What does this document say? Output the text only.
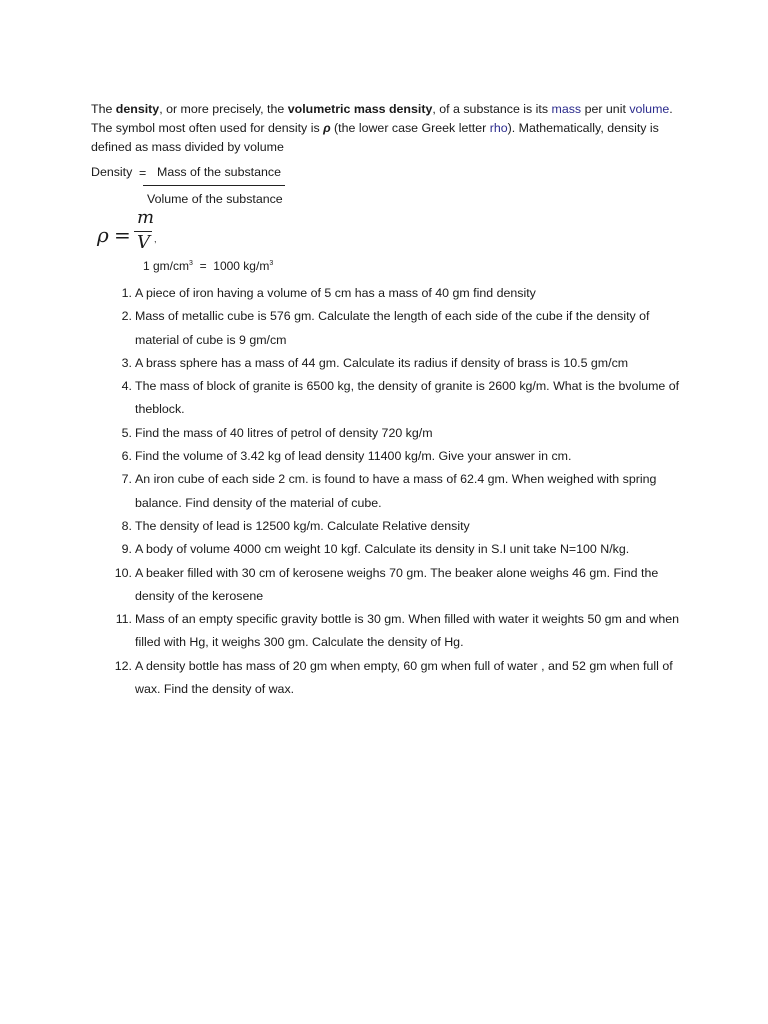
The density, or more precisely, the volumetric mass density, of a substance is its mass per unit volume. The symbol most often used for density is ρ (the lower case Greek letter rho). Mathematically, density is defined as mass divided by volume
Density = Mass of the substance
Volume of the substance
ρ =
m
V ,
1 $gm/cm^3 = 1000$ $kg/m^3$
1. A piece of iron having a volume of 5 cm has a mass of 40 gm find density
2. Mass of metallic cube is 576 gm. Calculate the length of each side of the cube if the density of material of cube is 9 gm/cm
3. A brass sphere has a mass of 44 gm. Calculate its radius if density of brass is 10.5 gm/cm
4. The mass of block of granite is 6500 kg, the density of granite is 2600 kg/m. What is the bvolume of theblock.
5. Find the mass of 40 litres of petrol of density 720 kg/m
6. Find the volume of 3.42 kg of lead density 11400 kg/m. Give your answer in cm.
7. An iron cube of each side 2 cm. is found to have a mass of 62.4 gm. When weighed with spring balance. Find density of the material of cube.
8. The density of lead is 12500 kg/m. Calculate Relative density
9. A body of volume 4000 cm weight 10 kgf. Calculate its density in S.I unit take N=100 N/kg.
10. A beaker filled with 30 cm of kerosene weighs 70 gm. The beaker alone weighs 46 gm. Find the density of the kerosene
11. Mass of an empty specific gravity bottle is 30 gm. When filled with water it weights 50 gm and when filled with Hg, it weighs 300 gm. Calculate the density of Hg.
12. A density bottle has mass of 20 gm when empty, 60 gm when full of water , and 52 gm when full of wax. Find the density of wax.
